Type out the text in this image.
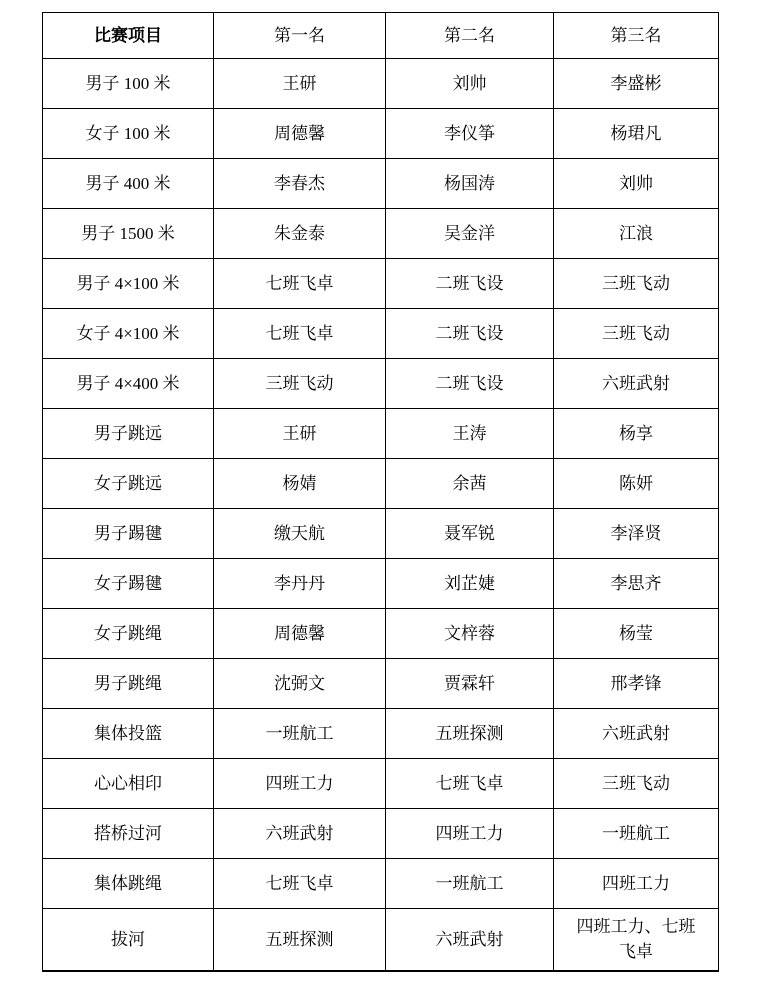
比赛项目	第一名	第二名	第三名
男子 100 米	王研	刘帅	李盛彬
女子 100 米	周德馨	李仪筝	杨珺凡
男子 400 米	李春杰	杨国涛	刘帅
男子 1500 米	朱金泰	吴金洋	江浪
男子 4×100 米	七班飞卓	二班飞设	三班飞动
女子 4×100 米	七班飞卓	二班飞设	三班飞动
男子 4×400 米	三班飞动	二班飞设	六班武射
男子跳远	王研	王涛	杨享
女子跳远	杨婧	余茜	陈妍
男子踢毽	缴天航	聂军锐	李泽贤
女子踢毽	李丹丹	刘芷婕	李思齐
女子跳绳	周德馨	文梓蓉	杨莹
男子跳绳	沈弼文	贾霖轩	邢孝锋
集体投篮	一班航工	五班探测	六班武射
心心相印	四班工力	七班飞卓	三班飞动
搭桥过河	六班武射	四班工力	一班航工
集体跳绳	七班飞卓	一班航工	四班工力
拔河	五班探测	六班武射	四班工力、七班飞卓
